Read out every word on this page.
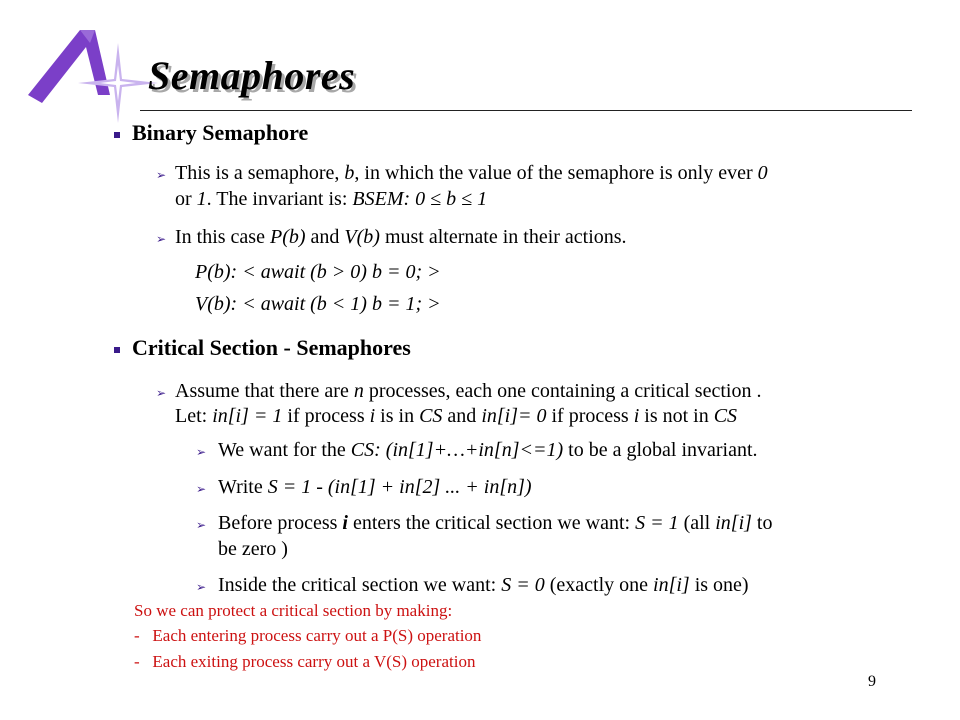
Semaphores
Binary Semaphore
➢ This is a semaphore, b, in which the value of the semaphore is only ever 0
or 1. The invariant is: BSEM: 0 ≤ b ≤ 1
➢ In this case P(b) and V(b) must alternate in their actions.
P(b): < await (b > 0) b = 0; >
V(b): < await (b < 1) b = 1; >
Critical Section - Semaphores
➢ Assume that there are n processes, each one containing a critical section .
Let: in[i] = 1 if process i is in CS and in[i]= 0 if process i is not in CS
➢ We want for the CS: (in[1]+…+in[n]<=1) to be a global invariant.
➢ Write S = 1 - (in[1] + in[2] ... + in[n])
➢ Before process i enters the critical section we want: S = 1 (all in[i] to
be zero )
➢ Inside the critical section we want: S = 0 (exactly one in[i] is one)
So we can protect a critical section by making:
-   Each entering process carry out a P(S) operation
-   Each exiting process carry out a V(S) operation
9
